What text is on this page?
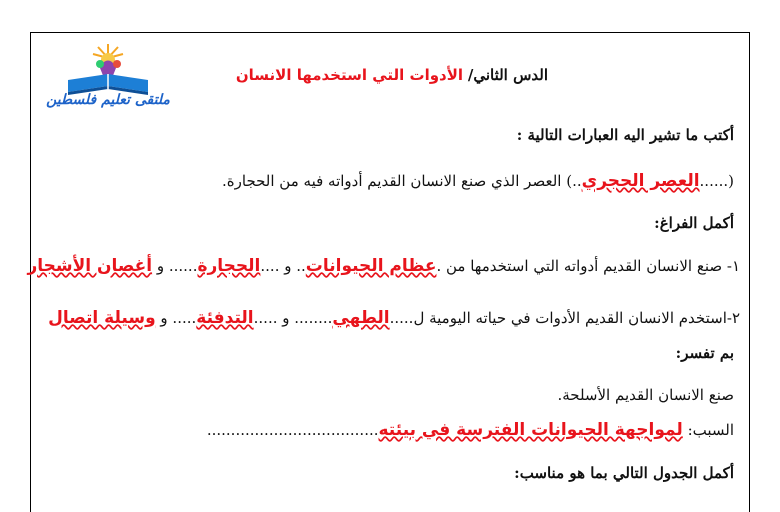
ملتقى تعليم فلسطين
الدس الثاني/ الأدوات التي استخدمها الانسان
أكتب ما تشير اليه العبارات التالية :
(......العصر الحجري..) العصر الذي صنع الانسان القديم أدواته فيه من الحجارة.
أكمل الفراغ:
١- صنع الانسان القديم أدواته التي استخدمها من .عظام الحيوانات.. و ....الحجارة...... و أغصان الأشجار
٢-استخدم الانسان القديم الأدوات في حياته اليومية ل.....الطهي........ و .....التدفئة..... و وسيلة اتصال
بم تفسر:
صنع الانسان القديم الأسلحة.
السبب: لمواجهة الحيوانات الفترسة في بيئته....................................
أكمل الجدول التالي بما هو مناسب:
